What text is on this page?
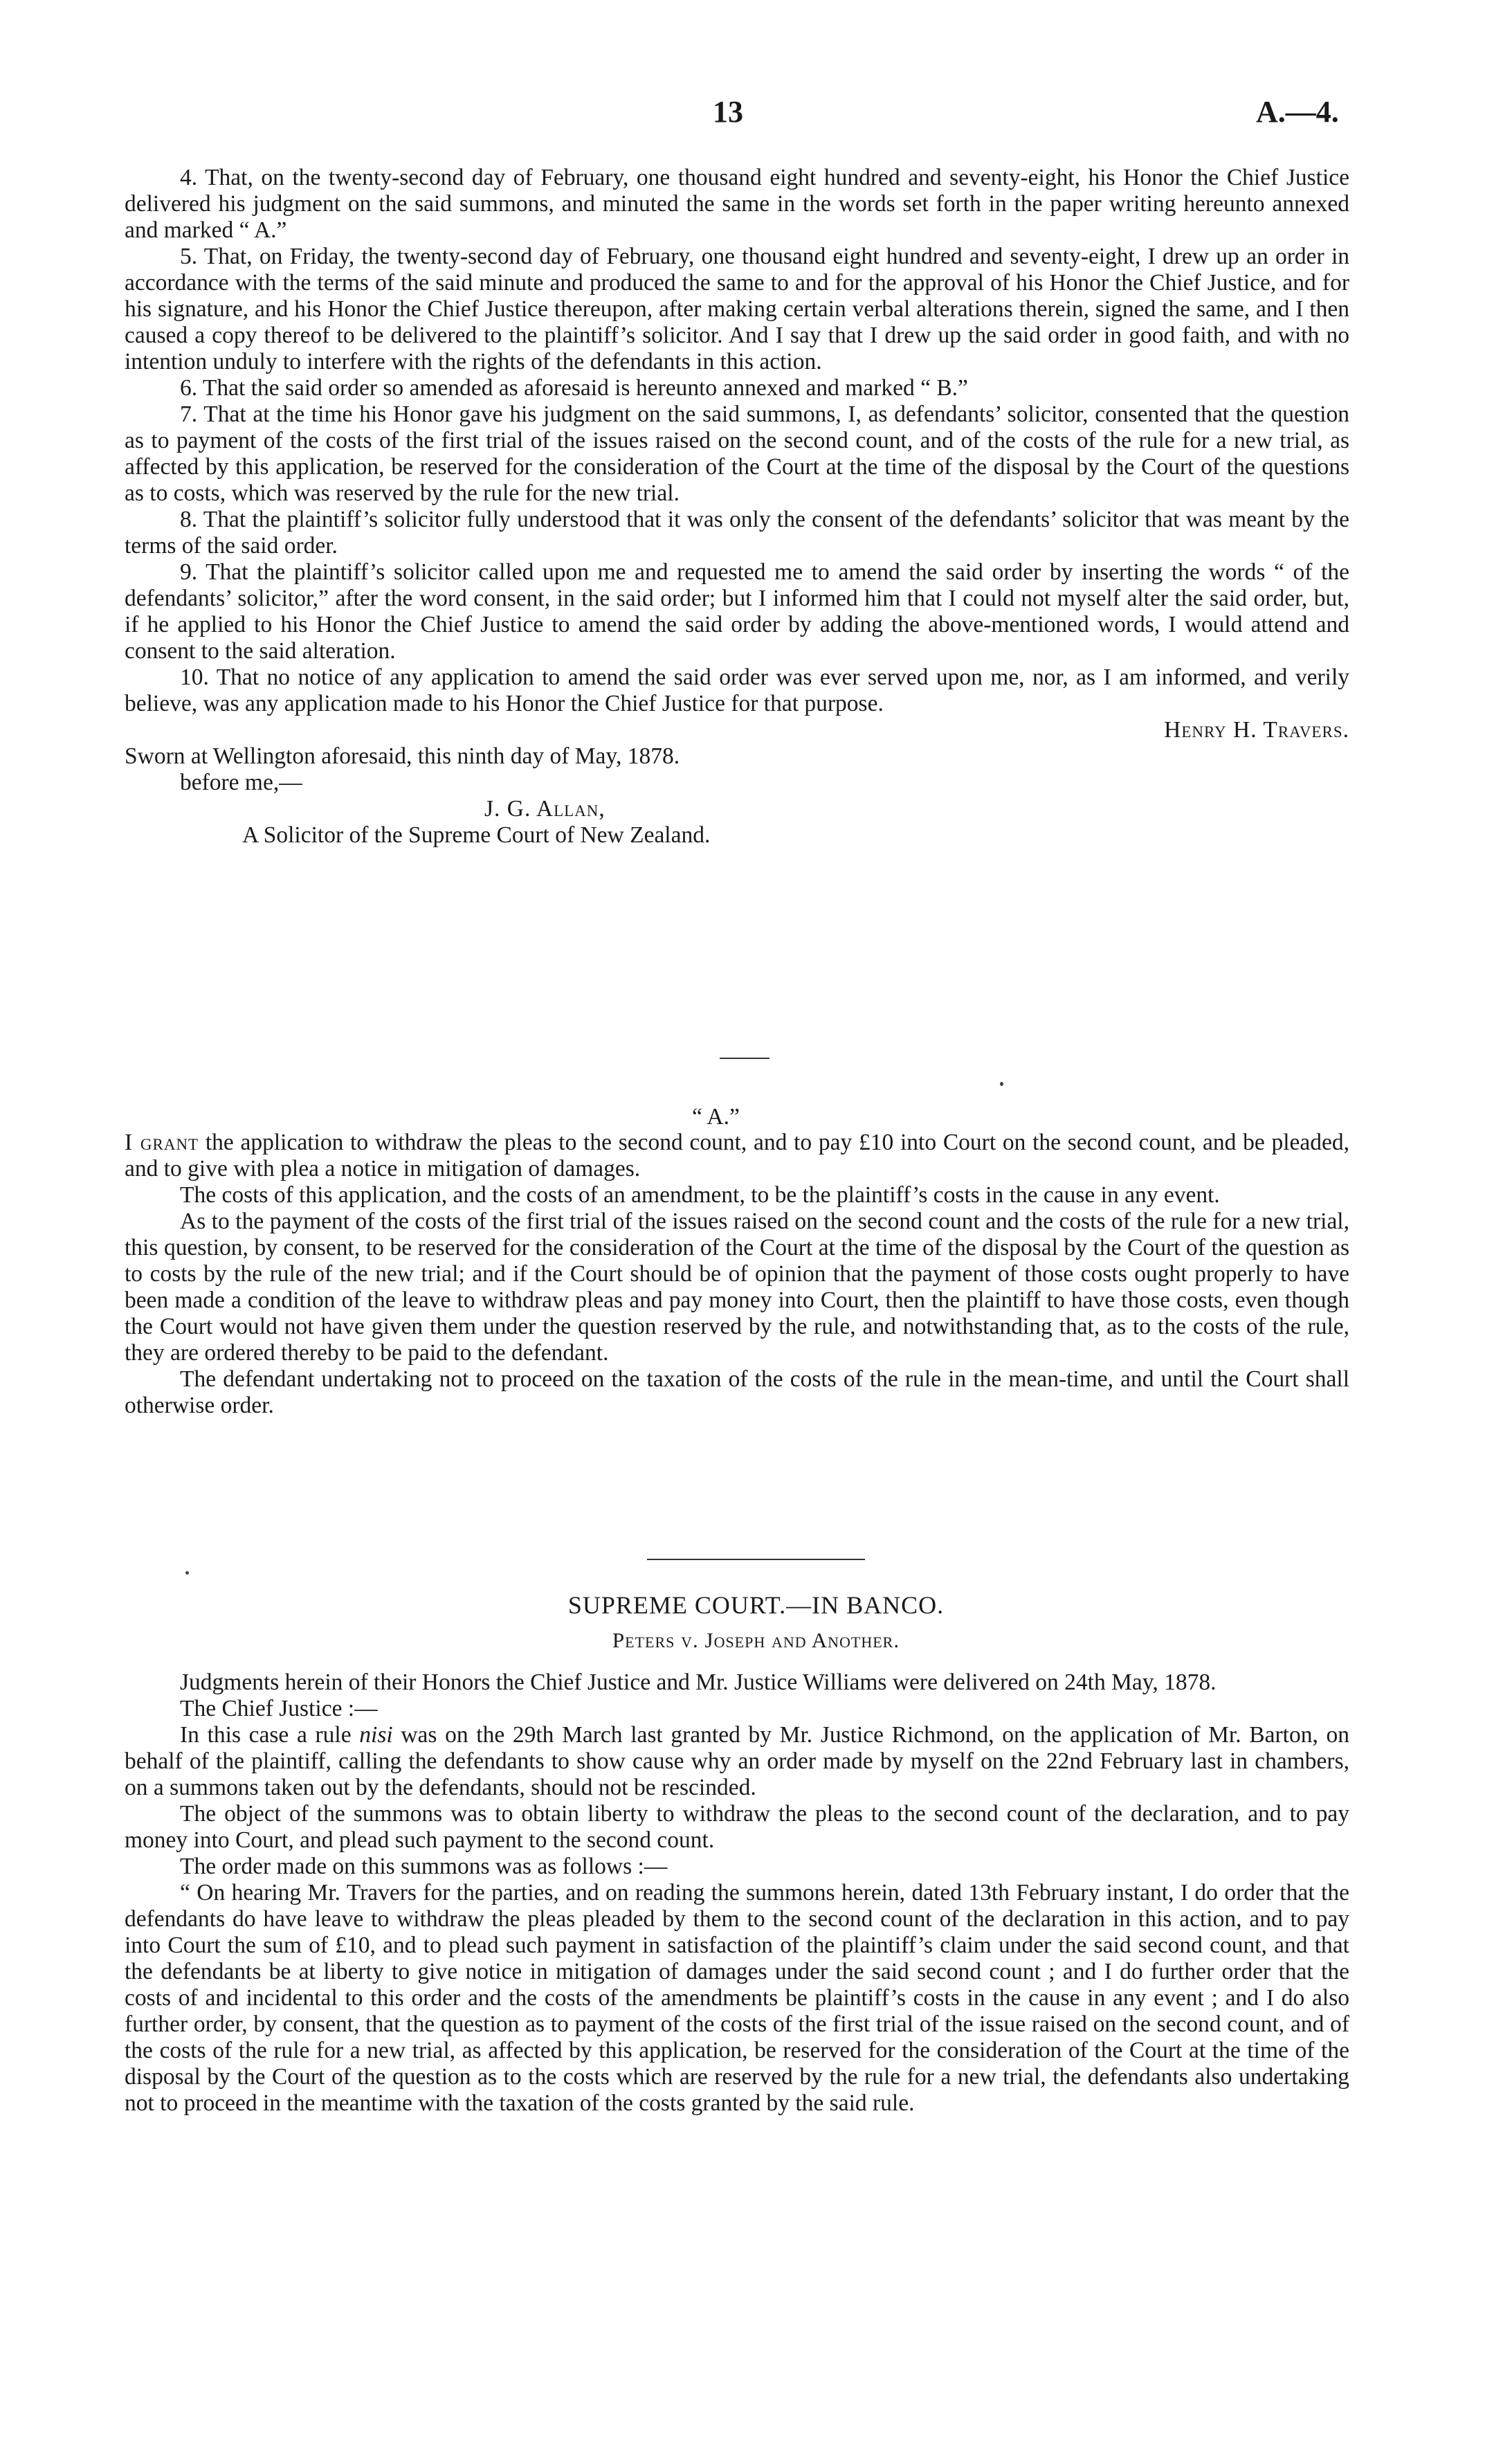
13	A.—4.

4. That, on the twenty-second day of February, one thousand eight hundred and seventy-eight, his Honor the Chief Justice delivered his judgment on the said summons, and minuted the same in the words set forth in the paper writing hereunto annexed and marked “ A.”

5. That, on Friday, the twenty-second day of February, one thousand eight hundred and seventy-eight, I drew up an order in accordance with the terms of the said minute and produced the same to and for the approval of his Honor the Chief Justice, and for his signature, and his Honor the Chief Justice thereupon, after making certain verbal alterations therein, signed the same, and I then caused a copy thereof to be delivered to the plaintiff’s solicitor. And I say that I drew up the said order in good faith, and with no intention unduly to interfere with the rights of the defendants in this action.

6. That the said order so amended as aforesaid is hereunto annexed and marked “ B.”

7. That at the time his Honor gave his judgment on the said summons, I, as defendants’ solicitor, consented that the question as to payment of the costs of the first trial of the issues raised on the second count, and of the costs of the rule for a new trial, as affected by this application, be reserved for the consideration of the Court at the time of the disposal by the Court of the questions as to costs, which was reserved by the rule for the new trial.

8. That the plaintiff’s solicitor fully understood that it was only the consent of the defendants’ solicitor that was meant by the terms of the said order.

9. That the plaintiff’s solicitor called upon me and requested me to amend the said order by inserting the words “ of the defendants’ solicitor,” after the word consent, in the said order; but I informed him that I could not myself alter the said order, but, if he applied to his Honor the Chief Justice to amend the said order by adding the above-mentioned words, I would attend and consent to the said alteration.

10. That no notice of any application to amend the said order was ever served upon me, nor, as I am informed, and verily believe, was any application made to his Honor the Chief Justice for that purpose.

Henry H. Travers.

Sworn at Wellington aforesaid, this ninth day of May, 1878.

before me,—

J. G. Allan,

A Solicitor of the Supreme Court of New Zealand.

“ A.”

I grant the application to withdraw the pleas to the second count, and to pay £10 into Court on the second count, and be pleaded, and to give with plea a notice in mitigation of damages.

The costs of this application, and the costs of an amendment, to be the plaintiff’s costs in the cause in any event.

As to the payment of the costs of the first trial of the issues raised on the second count and the costs of the rule for a new trial, this question, by consent, to be reserved for the consideration of the Court at the time of the disposal by the Court of the question as to costs by the rule of the new trial; and if the Court should be of opinion that the payment of those costs ought properly to have been made a condition of the leave to withdraw pleas and pay money into Court, then the plaintiff to have those costs, even though the Court would not have given them under the question reserved by the rule, and notwithstanding that, as to the costs of the rule, they are ordered thereby to be paid to the defendant.

The defendant undertaking not to proceed on the taxation of the costs of the rule in the mean-time, and until the Court shall otherwise order.

SUPREME COURT.—IN BANCO.
Peters v. Joseph and Another.

Judgments herein of their Honors the Chief Justice and Mr. Justice Williams were delivered on 24th May, 1878.

The Chief Justice :—

In this case a rule nisi was on the 29th March last granted by Mr. Justice Richmond, on the application of Mr. Barton, on behalf of the plaintiff, calling the defendants to show cause why an order made by myself on the 22nd February last in chambers, on a summons taken out by the defendants, should not be rescinded.

The object of the summons was to obtain liberty to withdraw the pleas to the second count of the declaration, and to pay money into Court, and plead such payment to the second count.

The order made on this summons was as follows :—

“ On hearing Mr. Travers for the parties, and on reading the summons herein, dated 13th February instant, I do order that the defendants do have leave to withdraw the pleas pleaded by them to the second count of the declaration in this action, and to pay into Court the sum of £10, and to plead such payment in satisfaction of the plaintiff’s claim under the said second count, and that the defendants be at liberty to give notice in mitigation of damages under the said second count ; and I do further order that the costs of and incidental to this order and the costs of the amendments be plaintiff’s costs in the cause in any event ; and I do also further order, by consent, that the question as to payment of the costs of the first trial of the issue raised on the second count, and of the costs of the rule for a new trial, as affected by this application, be reserved for the consideration of the Court at the time of the disposal by the Court of the question as to the costs which are reserved by the rule for a new trial, the defendants also undertaking not to proceed in the meantime with the taxation of the costs granted by the said rule.
